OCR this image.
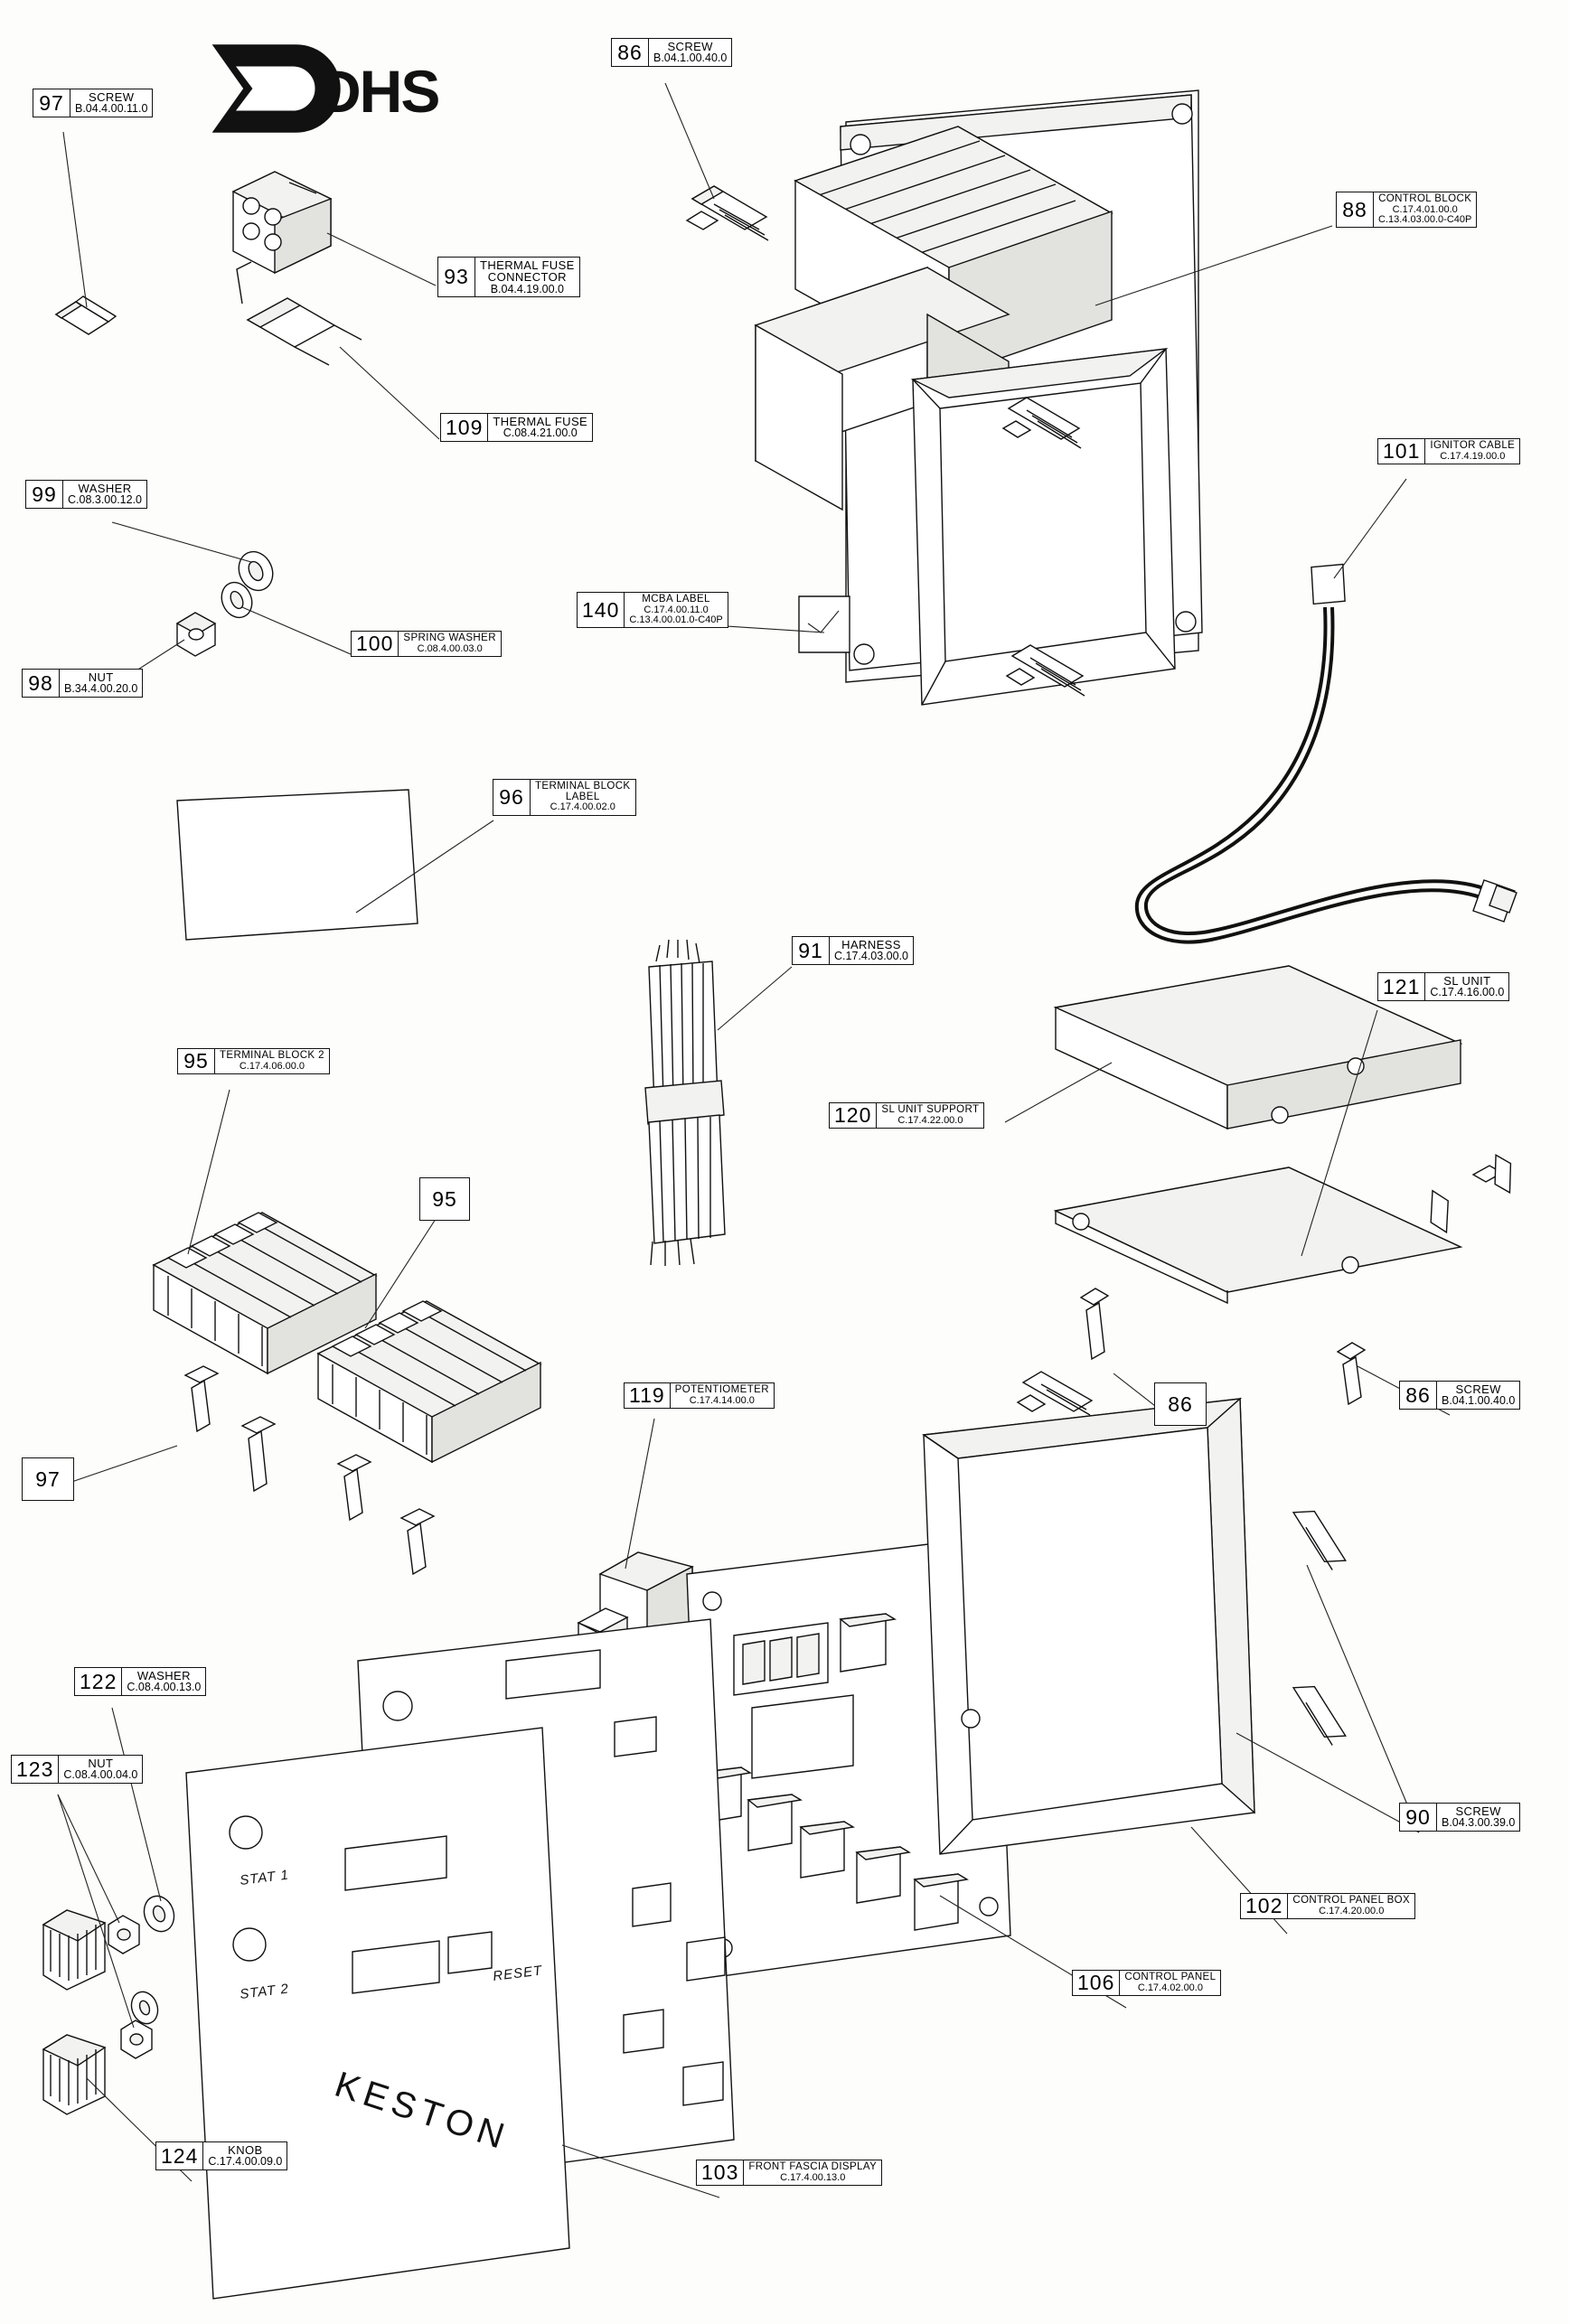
DHS
STAT 1
STAT 2
RESET
KESTON
97	SCREW
B.04.4.00.11.0
86	SCREW
B.04.1.00.40.0
88	CONTROL BLOCK
C.17.4.01.00.0
C.13.4.03.00.0-C40P
93 THERMAL FUSE
CONNECTOR
B.04.4.19.00.0
109 THERMAL FUSE
C.08.4.21.00.0
101 IGNITOR CABLE
C.17.4.19.00.0
99	WASHER
C.08.3.00.12.0
140	MCBA LABEL
C.17.4.00.11.0
C.13.4.00.01.0-C40P
100 SPRING WASHER
C.08.4.00.03.0
98	NUT
B.34.4.00.20.0
96	TERMINAL BLOCK
LABEL
C.17.4.00.02.0
91	HARNESS
C.17.4.03.00.0
121	SL UNIT
C.17.4.16.00.0
95	TERMINAL BLOCK 2
C.17.4.06.00.0
120 SL UNIT SUPPORT
C.17.4.22.00.0
95
86	86	SCREW
B.04.1.00.40.0
119 POTENTIOMETER
C.17.4.14.00.0
97
90	SCREW
B.04.3.00.39.0
122	WASHER
C.08.4.00.13.0
123	NUT
C.08.4.00.04.0
102 CONTROL PANEL BOX
C.17.4.20.00.0
106 CONTROL PANEL
C.17.4.02.00.0
124	KNOB
C.17.4.00.09.0	103 FRONT FASCIA DISPLAY
C.17.4.00.13.0
